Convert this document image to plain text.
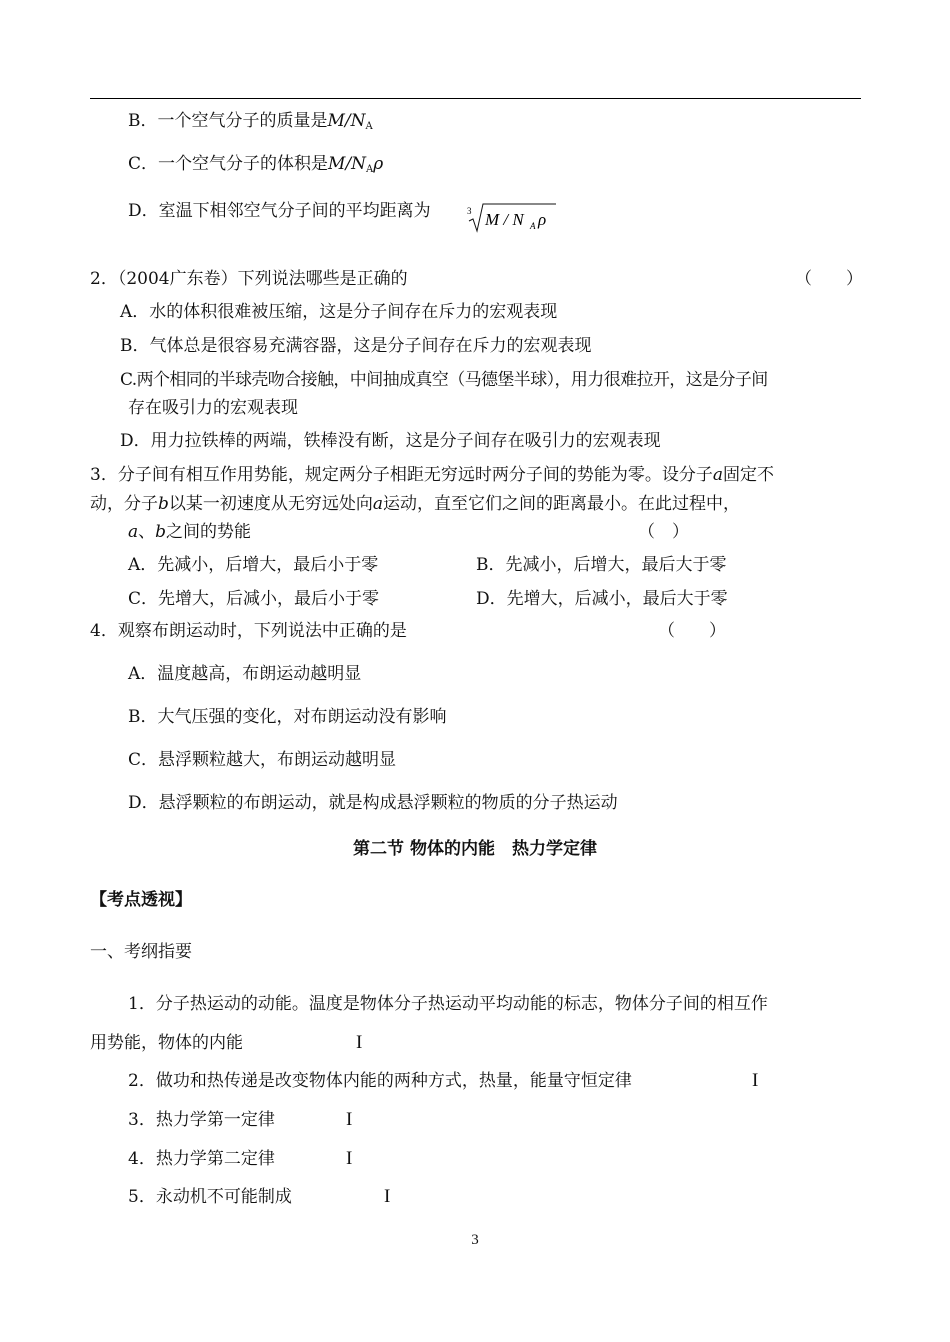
B．一个空气分子的质量是$M/N_A$
C．一个空气分子的体积是$M/N_A\rho$
D．室温下相邻空气分子间的平均距离为	3 M / N A ρ
2．（2004广东卷）下列说法哪些是正确的	（　　）
A．水的体积很难被压缩，这是分子间存在斥力的宏观表现
B．气体总是很容易充满容器，这是分子间存在斥力的宏观表现
C.两个相同的半球壳吻合接触，中间抽成真空（马德堡半球），用力很难拉开，这是分子间
存在吸引力的宏观表现
D．用力拉铁棒的两端，铁棒没有断，这是分子间存在吸引力的宏观表现
3．分子间有相互作用势能，规定两分子相距无穷远时两分子间的势能为零。设分子a固定不
动，分子b以某一初速度从无穷远处向a运动，直至它们之间的距离最小。在此过程中，
a、b之间的势能	（　）
A．先减小，后增大，最后小于零	B．先减小，后增大，最后大于零
C．先增大，后减小，最后小于零	D．先增大，后减小，最后大于零
4．观察布朗运动时，下列说法中正确的是	（　　）
A．温度越高，布朗运动越明显
B．大气压强的变化，对布朗运动没有影响
C．悬浮颗粒越大，布朗运动越明显
D．悬浮颗粒的布朗运动，就是构成悬浮颗粒的物质的分子热运动
第二节 物体的内能　热力学定律
【考点透视】
一、考纲指要
1．分子热运动的动能。温度是物体分子热运动平均动能的标志，物体分子间的相互作
用势能，物体的内能	I
2．做功和热传递是改变物体内能的两种方式，热量，能量守恒定律	I
3．热力学第一定律	I
4．热力学第二定律	I
5．永动机不可能制成	I
3
